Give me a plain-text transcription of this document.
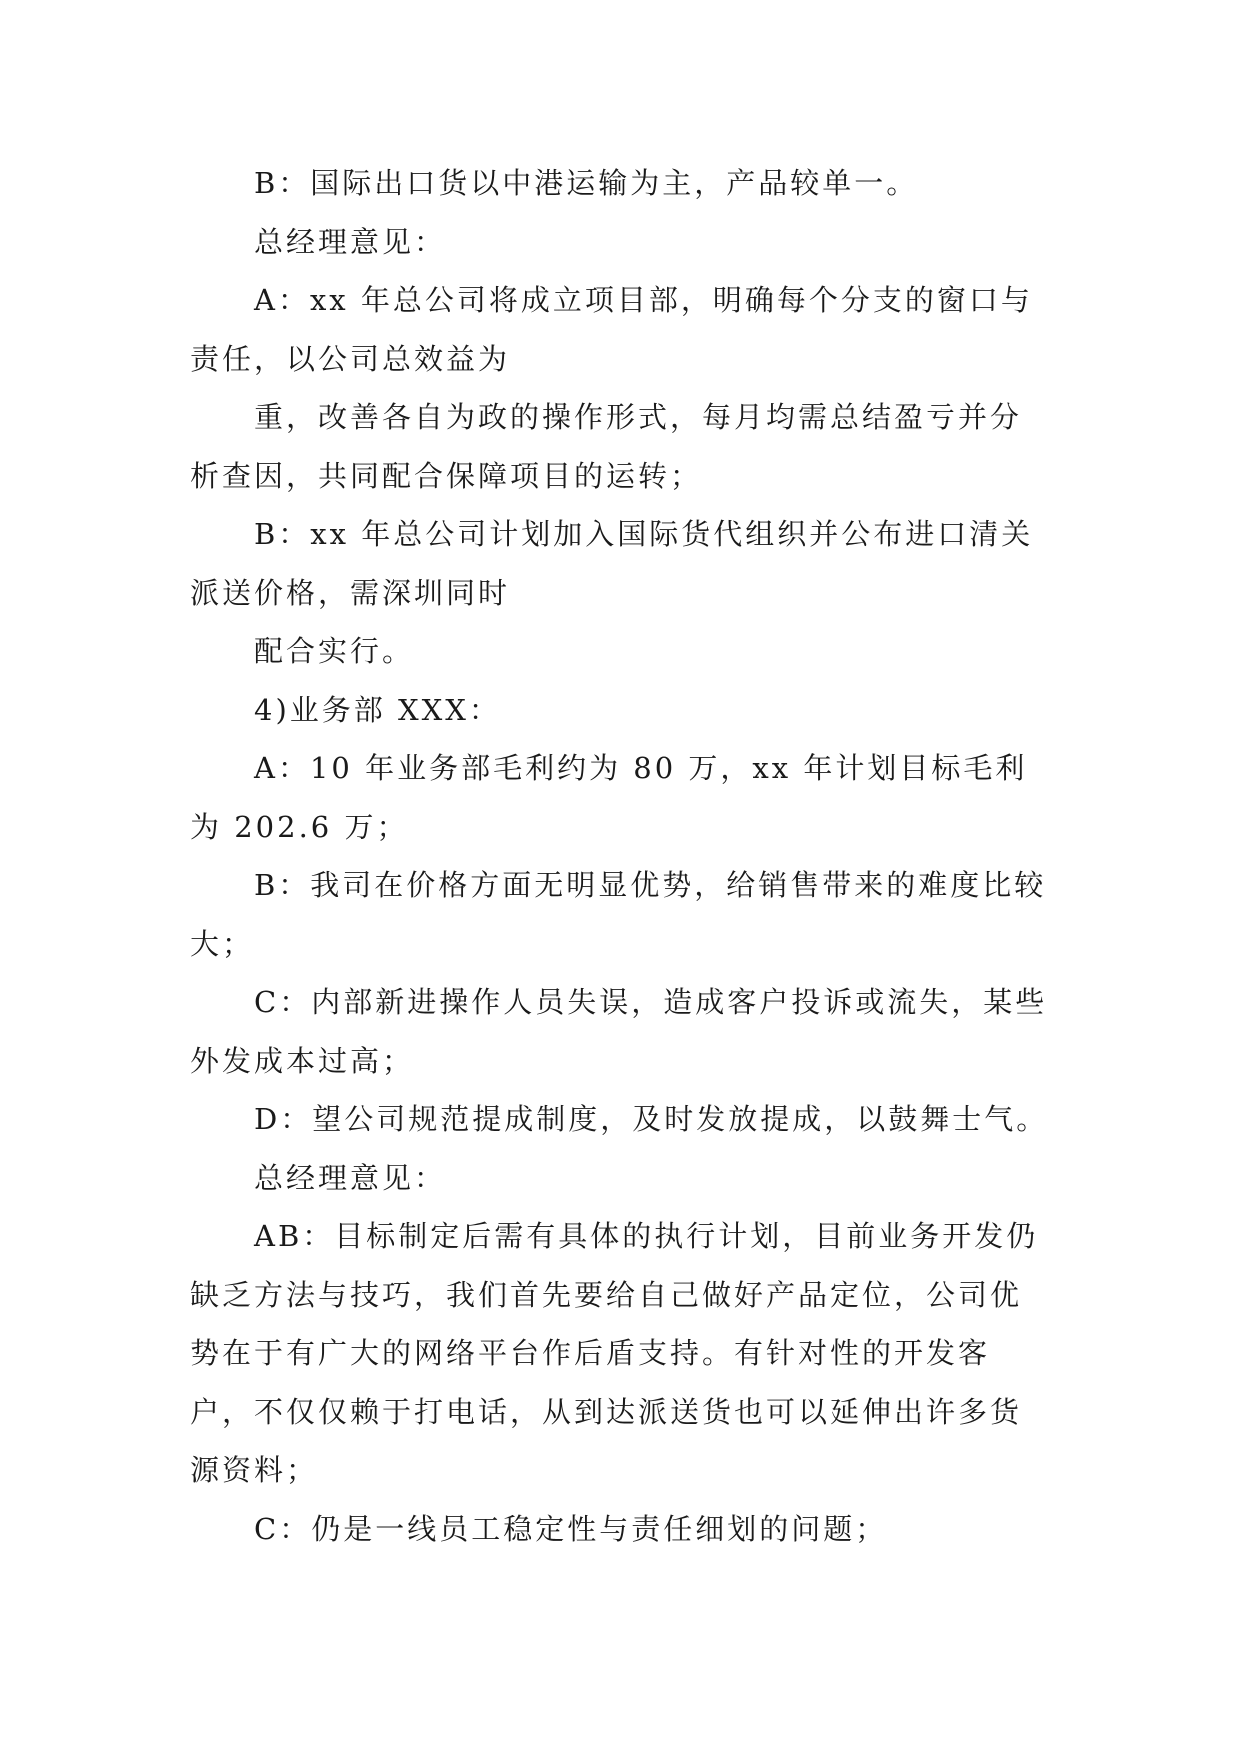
B：国际出口货以中港运输为主，产品较单一。

总经理意见：

A：xx 年总公司将成立项目部，明确每个分支的窗口与责任，以公司总效益为

重，改善各自为政的操作形式，每月均需总结盈亏并分析查因，共同配合保障项目的运转；

B：xx 年总公司计划加入国际货代组织并公布进口清关派送价格，需深圳同时

配合实行。

4)业务部 XXX：

A：10 年业务部毛利约为 80 万，xx 年计划目标毛利为 202.6 万；

B：我司在价格方面无明显优势，给销售带来的难度比较大；

C：内部新进操作人员失误，造成客户投诉或流失，某些外发成本过高；

D：望公司规范提成制度，及时发放提成，以鼓舞士气。

总经理意见：

AB：目标制定后需有具体的执行计划，目前业务开发仍缺乏方法与技巧，我们首先要给自己做好产品定位，公司优势在于有广大的网络平台作后盾支持。有针对性的开发客户，不仅仅赖于打电话，从到达派送货也可以延伸出许多货源资料；

C：仍是一线员工稳定性与责任细划的问题；
